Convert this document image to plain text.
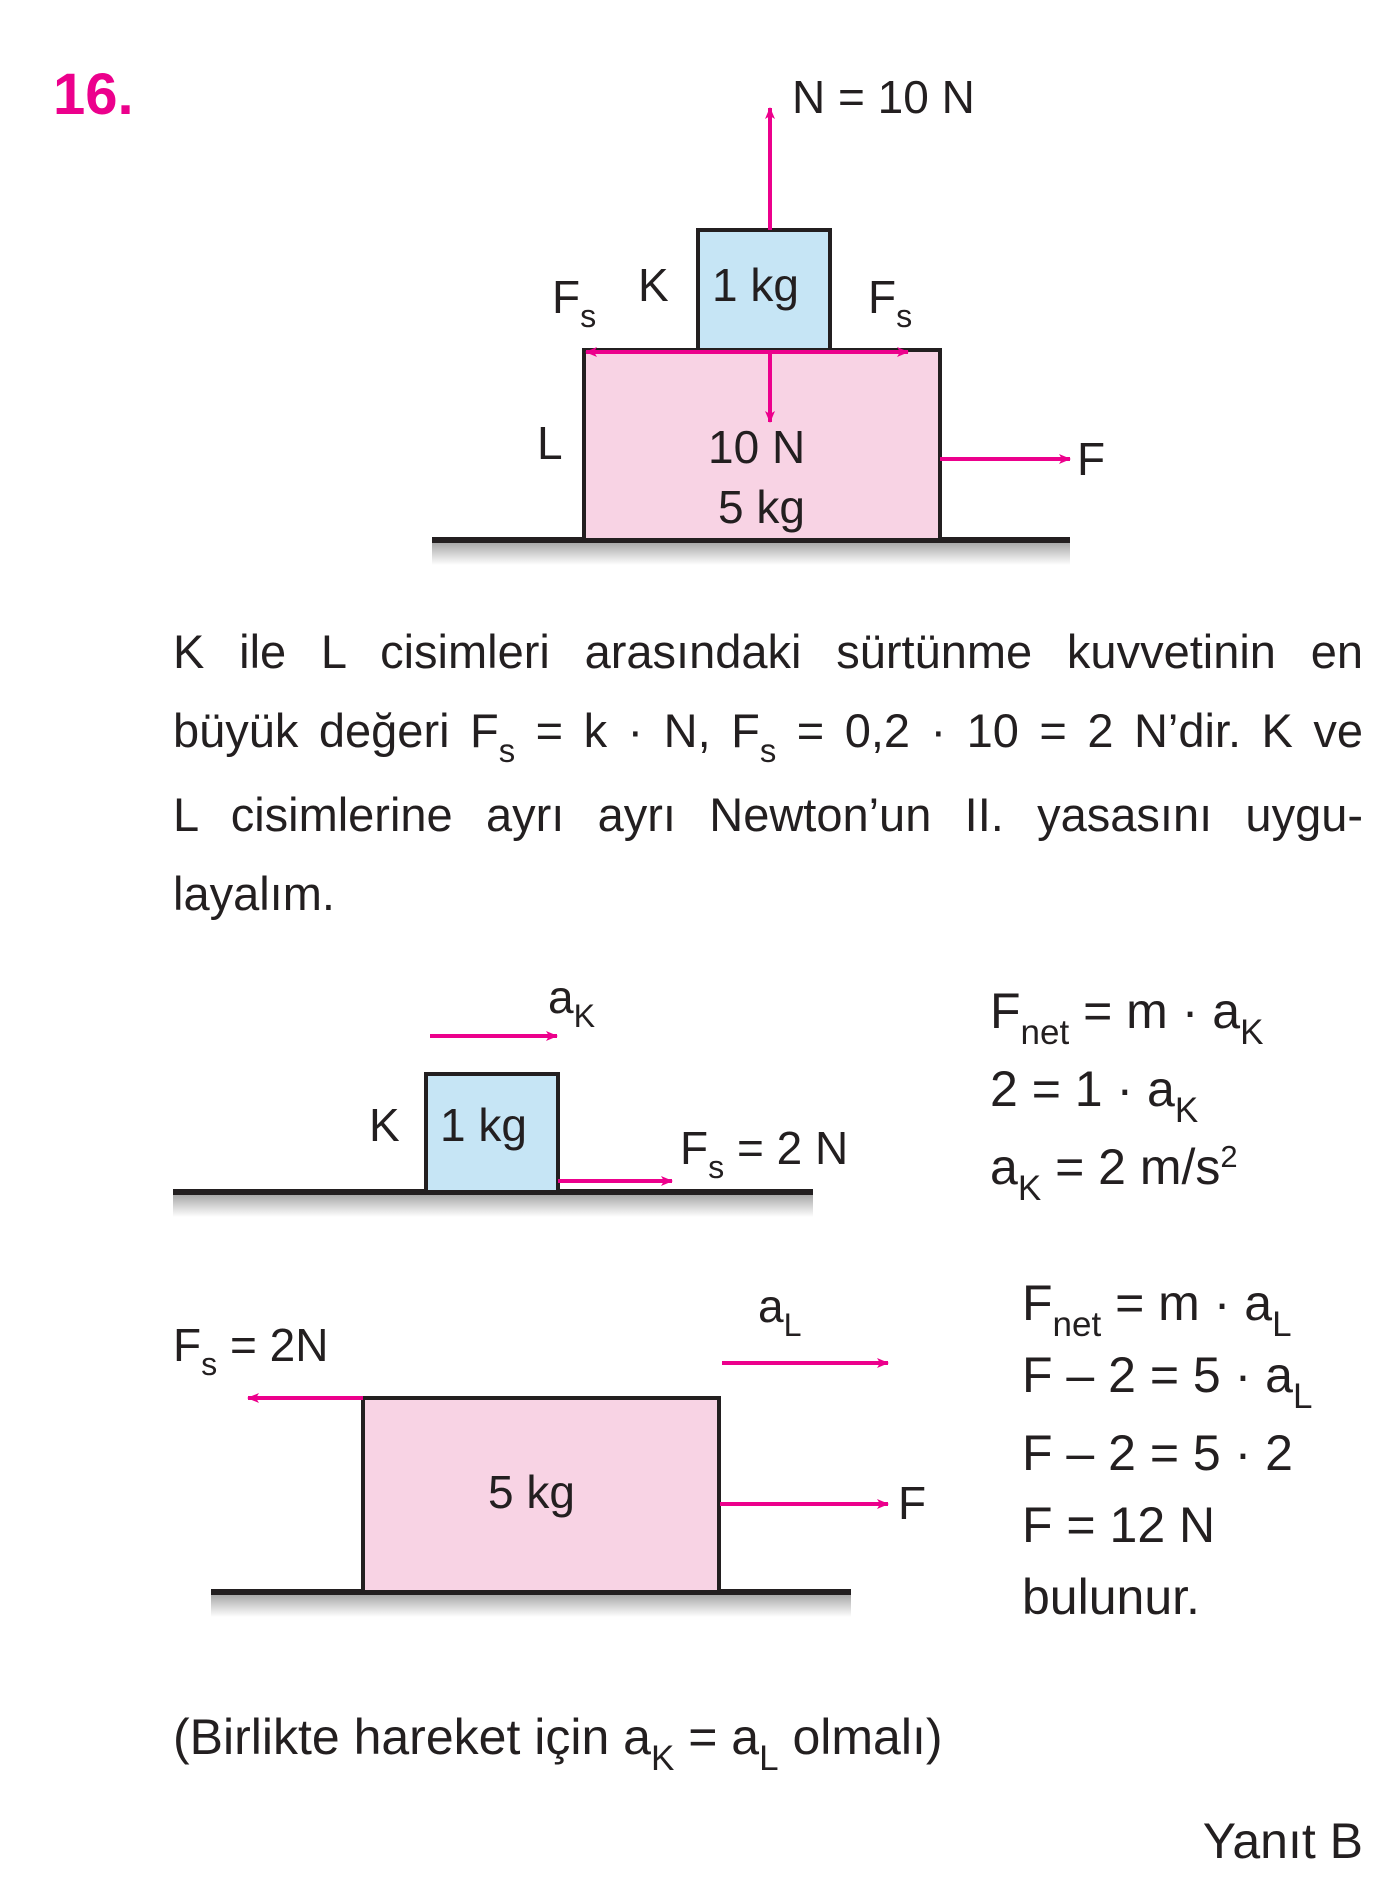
16.	N = 10 N
K 1 kg
$F_s$	$F_s$
L	10 N
5 kg
F
K ile L cisimleri arasındaki sürtünme kuvvetinin en
büyük değeri $F_s = k \cdot N$, $F_s = 0,2 \cdot 10 = 2$ N’dir. K ve
L cisimlerine ayrı ayrı Newton’un II. yasasını uygu-
layalım.
$a_K$
K 1 kg	$F_s = 2$ N
$F_{net} = m \cdot a_K$
$2 = 1 \cdot a_K$
$a_K = 2$ $m/s^2$
$F_s = 2N$
$a_L$
5 kg	F
$F_{net} = m \cdot a_L$
$F - 2 = 5 \cdot a_L$
F – 2 = 5 · 2
F = 12 N
bulunur.
(Birlikte hareket için $a_K = a_L$ olmalı)
Yanıt B
